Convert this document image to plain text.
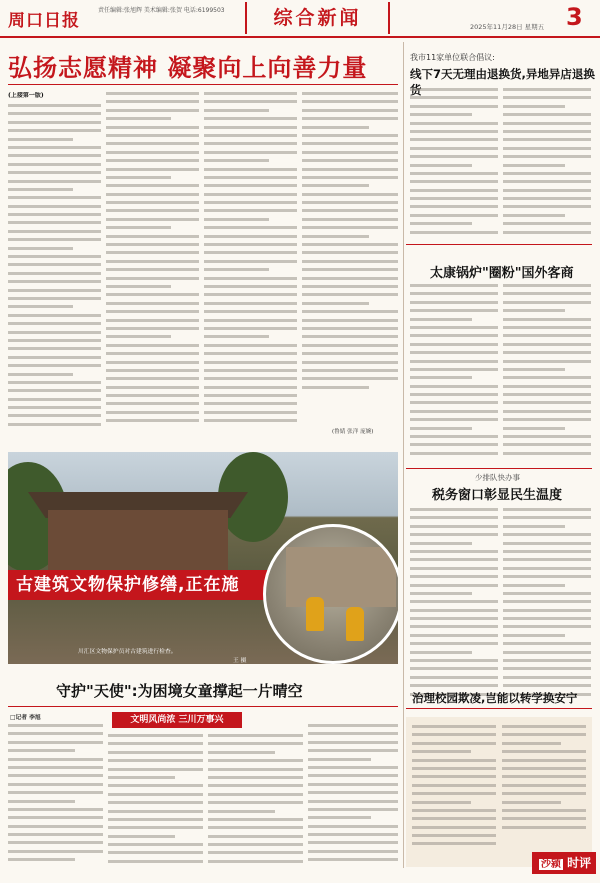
周口日报
责任编辑:张旭辉 美术编辑:张贺 电话:6199503	综合新闻	2025年11月28日 星期五 3
弘扬志愿精神 凝聚向上向善力量

(上接第一版)

(鲁婧 张洋 庞婉)
我市11家单位联合倡议:
线下7天无理由退换货,异地异店退换
太康锅炉"圈粉"国外客商
少排队快办事
税务窗口彰显民生温度
古建筑文物保护修缮,正在施
川汇区文物保护员对古建筑进行检查。
王 摄
守护"天使":为困境女童撑起一片晴空
□记者 李旭	文明风尚浓 三川万事兴
治理校园欺凌,岂能以转学换安宁
沙颍 时评
